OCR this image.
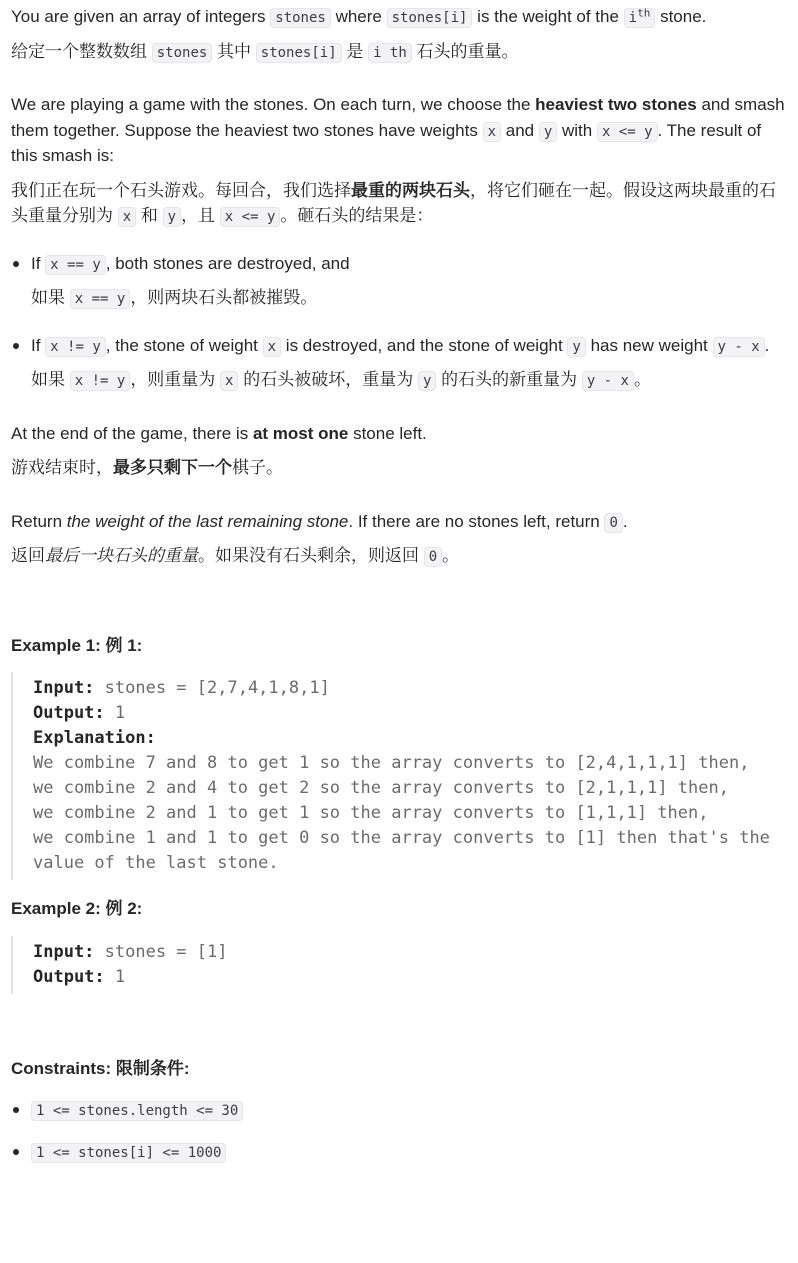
You are given an array of integers stones where stones[i] is the weight of the $i^{th}$ stone.

给定一个整数数组 stones 其中 stones[i] 是 i th 石头的重量。

We are playing a game with the stones. On each turn, we choose the heaviest two stones and smash them together. Suppose the heaviest two stones have weights x and y with x <= y . The result of this smash is:

我们正在玩一个石头游戏。每回合，我们选择最重的两块石头，将它们砸在一起。假设这两块最重的石头重量分别为 x 和 y ，且 x <= y 。砸石头的结果是：

If x == y , both stones are destroyed, and

如果 x == y ，则两块石头都被摧毁。

If x != y , the stone of weight x is destroyed, and the stone of weight y has new weight y - x .

如果 x != y ，则重量为 x 的石头被破坏，重量为 y 的石头的新重量为 y - x 。

At the end of the game, there is at most one stone left.

游戏结束时，最多只剩下一个棋子。

Return the weight of the last remaining stone. If there are no stones left, return 0 .

返回最后一块石头的重量。如果没有石头剩余，则返回 0 。

Example 1: 例 1:

Input: stones = [2,7,4,1,8,1]
Output: 1
Explanation:
We combine 7 and 8 to get 1 so the array converts to [2,4,1,1,1] then,
we combine 2 and 4 to get 2 so the array converts to [2,1,1,1] then,
we combine 2 and 1 to get 1 so the array converts to [1,1,1] then,
we combine 1 and 1 to get 0 so the array converts to [1] then that's the
value of the last stone.

Example 2: 例 2:

Input: stones = [1]
Output: 1

Constraints: 限制条件:

1 <= stones.length <= 30
1 <= stones[i] <= 1000
